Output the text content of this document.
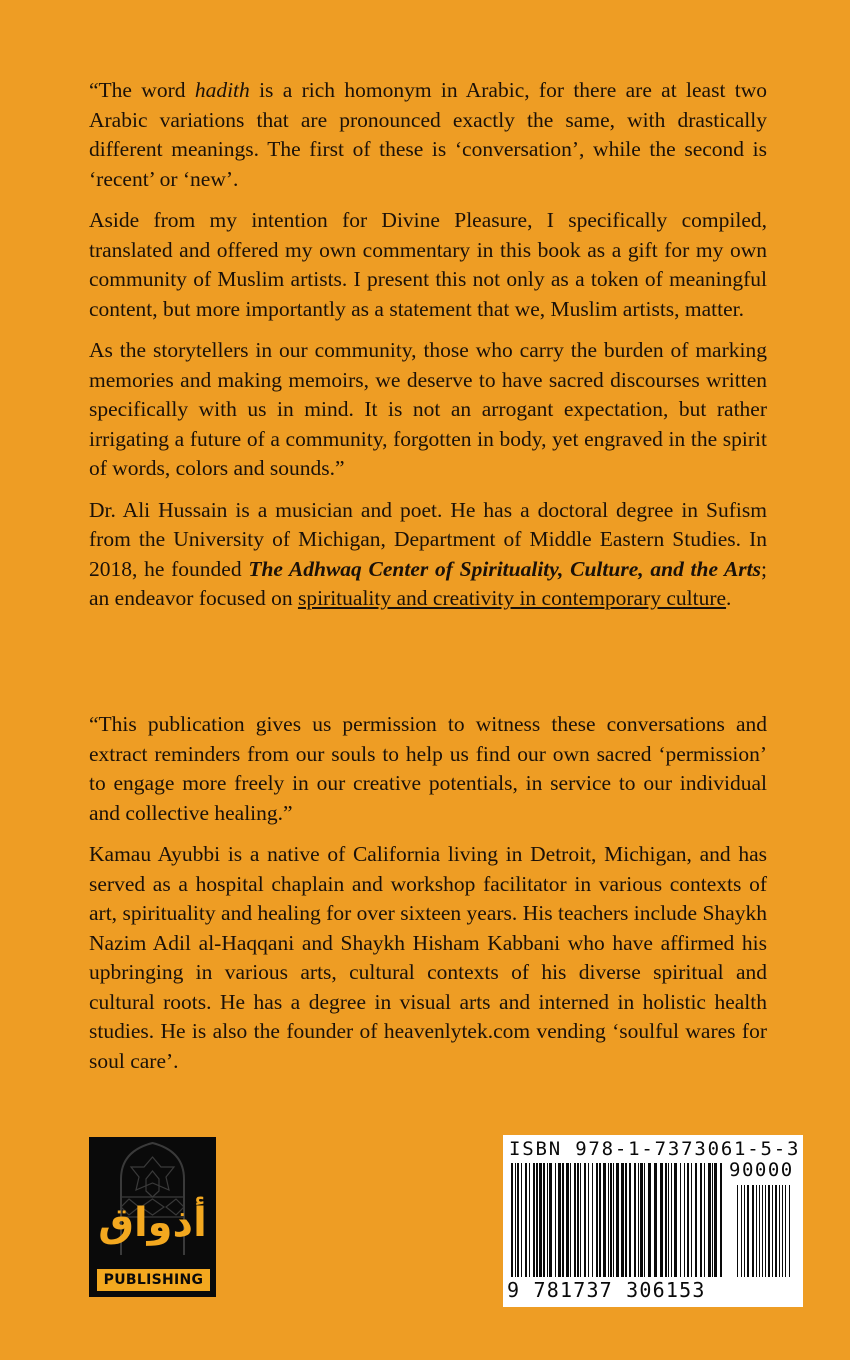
“The word hadith is a rich homonym in Arabic, for there are at least two Arabic variations that are pronounced exactly the same, with drastically different meanings. The first of these is ‘conversation’, while the second is ‘recent’ or ‘new’.

Aside from my intention for Divine Pleasure, I specifically compiled, translated and offered my own commentary in this book as a gift for my own community of Muslim artists. I present this not only as a token of meaningful content, but more importantly as a statement that we, Muslim artists, matter.

As the storytellers in our community, those who carry the burden of marking memories and making memoirs, we deserve to have sacred discourses written specifically with us in mind. It is not an arrogant expectation, but rather irrigating a future of a community, forgotten in body, yet engraved in the spirit of words, colors and sounds.”

Dr. Ali Hussain is a musician and poet. He has a doctoral degree in Sufism from the University of Michigan, Department of Middle Eastern Studies. In 2018, he founded The Adhwaq Center of Spirituality, Culture, and the Arts; an endeavor focused on spirituality and creativity in contemporary culture.

“This publication gives us permission to witness these conversations and extract reminders from our souls to help us find our own sacred ‘permission’ to engage more freely in our creative potentials, in service to our individual and collective healing.”

Kamau Ayubbi is a native of California living in Detroit, Michigan, and has served as a hospital chaplain and workshop facilitator in various contexts of art, spirituality and healing for over sixteen years. His teachers include Shaykh Nazim Adil al-Haqqani and Shaykh Hisham Kabbani who have affirmed his upbringing in various arts, cultural contexts of his diverse spiritual and cultural roots. He has a degree in visual arts and interned in holistic health studies. He is also the founder of heavenlytek.com vending ‘soulful wares for soul care’.

أذواق
PUBLISHING
ISBN 978-1-7373061-5-3
90000
9 781737 306153
